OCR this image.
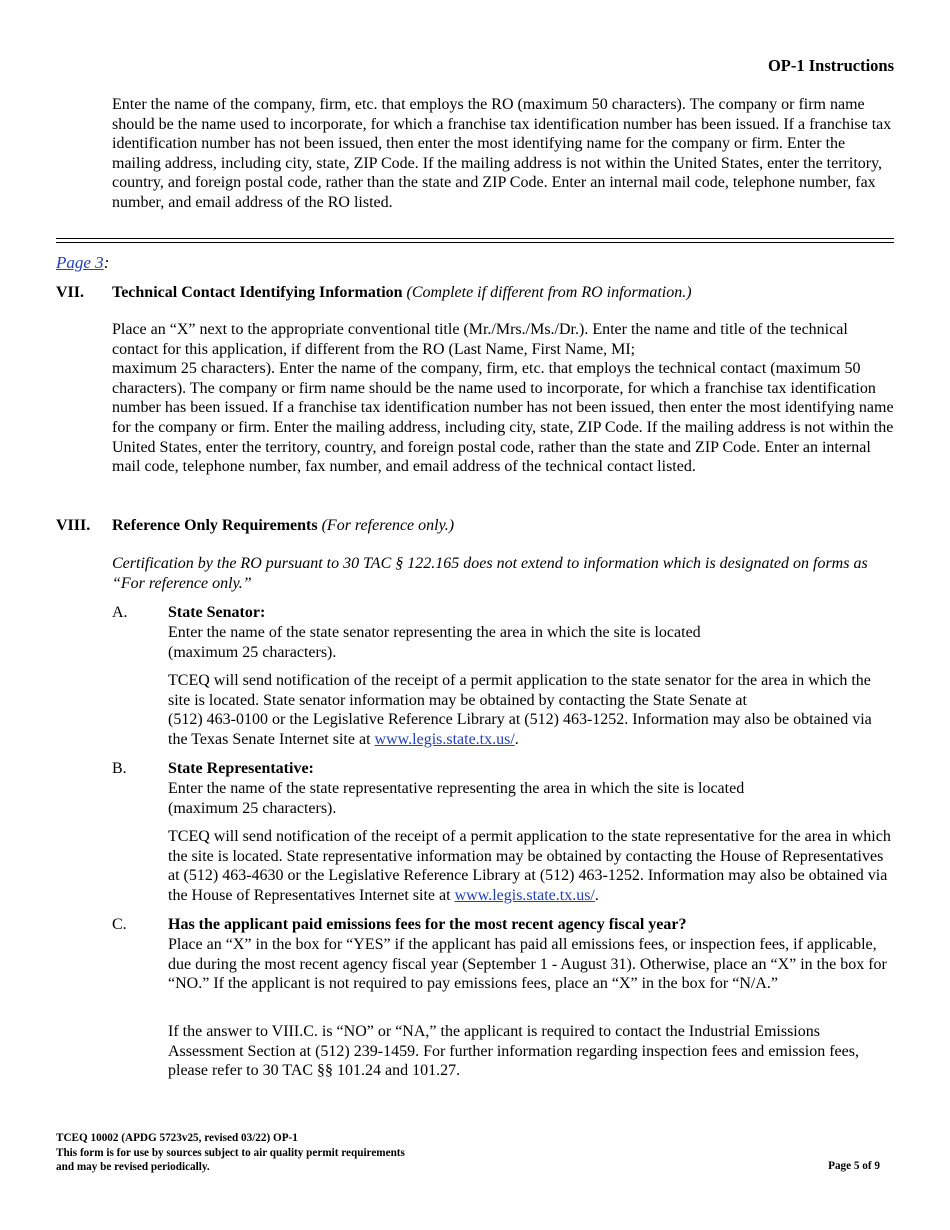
OP-1 Instructions

Enter the name of the company, firm, etc. that employs the RO (maximum 50 characters). The company or firm name should be the name used to incorporate, for which a franchise tax identification number has been issued. If a franchise tax identification number has not been issued, then enter the most identifying name for the company or firm. Enter the mailing address, including city, state, ZIP Code. If the mailing address is not within the United States, enter the territory, country, and foreign postal code, rather than the state and ZIP Code. Enter an internal mail code, telephone number, fax number, and email address of the RO listed.

Page 3:
VII. Technical Contact Identifying Information (Complete if different from RO information.)

Place an “X” next to the appropriate conventional title (Mr./Mrs./Ms./Dr.). Enter the name and title of the technical contact for this application, if different from the RO (Last Name, First Name, MI;
maximum 25 characters). Enter the name of the company, firm, etc. that employs the technical contact (maximum 50 characters). The company or firm name should be the name used to incorporate, for which a franchise tax identification number has been issued. If a franchise tax identification number has not been issued, then enter the most identifying name for the company or firm. Enter the mailing address, including city, state, ZIP Code. If the mailing address is not within the United States, enter the territory, country, and foreign postal code, rather than the state and ZIP Code. Enter an internal mail code, telephone number, fax number, and email address of the technical contact listed.

VIII. Reference Only Requirements (For reference only.)

Certification by the RO pursuant to 30 TAC § 122.165 does not extend to information which is designated on forms as “For reference only.”

A.	State Senator:

Enter the name of the state senator representing the area in which the site is located
(maximum 25 characters).

TCEQ will send notification of the receipt of a permit application to the state senator for the area in which the site is located. State senator information may be obtained by contacting the State Senate at
(512) 463-0100 or the Legislative Reference Library at (512) 463-1252. Information may also be obtained via the Texas Senate Internet site at www.legis.state.tx.us/.

B.	State Representative:

Enter the name of the state representative representing the area in which the site is located
(maximum 25 characters).

TCEQ will send notification of the receipt of a permit application to the state representative for the area in which the site is located. State representative information may be obtained by contacting the House of Representatives at (512) 463-4630 or the Legislative Reference Library at (512) 463-1252. Information may also be obtained via the House of Representatives Internet site at www.legis.state.tx.us/.

C.	Has the applicant paid emissions fees for the most recent agency fiscal year?

Place an “X” in the box for “YES” if the applicant has paid all emissions fees, or inspection fees, if applicable, due during the most recent agency fiscal year (September 1 - August 31). Otherwise, place an “X” in the box for “NO.” If the applicant is not required to pay emissions fees, place an “X” in the box for “N/A.”

If the answer to VIII.C. is “NO” or “NA,” the applicant is required to contact the Industrial Emissions Assessment Section at (512) 239-1459. For further information regarding inspection fees and emission fees, please refer to 30 TAC §§ 101.24 and 101.27.

TCEQ 10002 (APDG 5723v25, revised 03/22) OP-1
This form is for use by sources subject to air quality permit requirements
and may be revised periodically.	Page 5 of 9
